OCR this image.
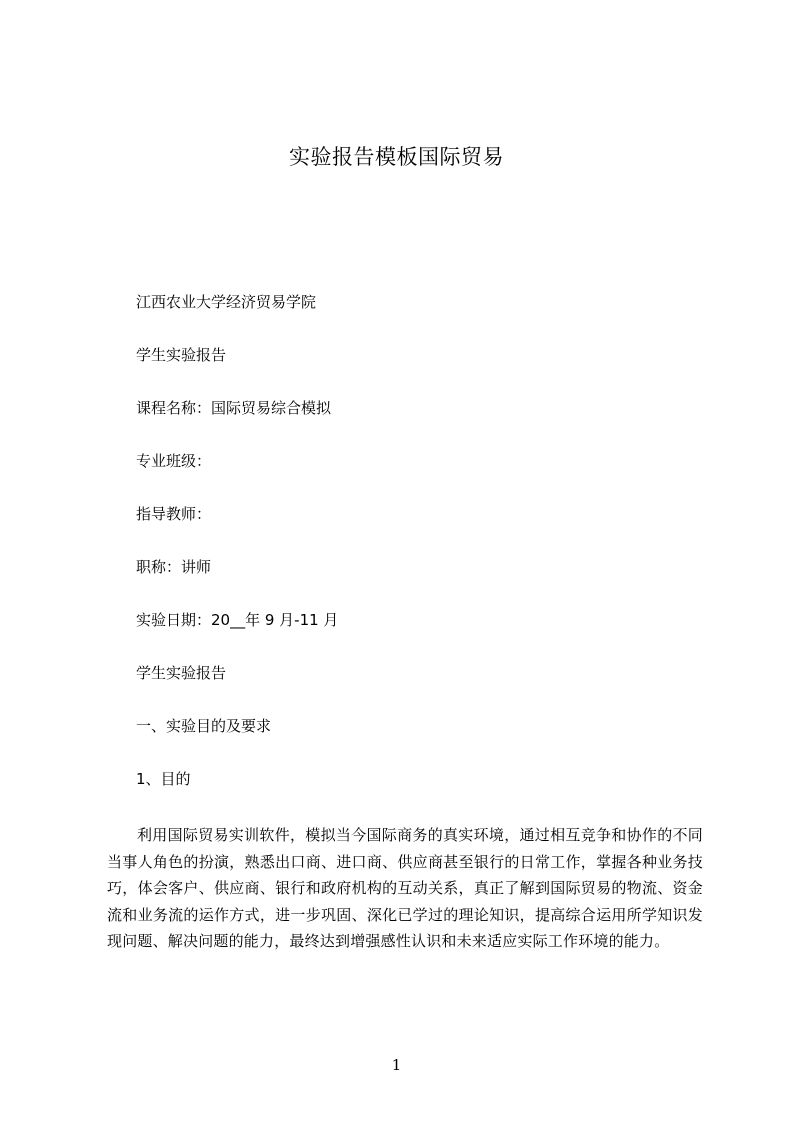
实验报告模板国际贸易
江西农业大学经济贸易学院
学生实验报告
课程名称：国际贸易综合模拟
专业班级：
指导教师：
职称：讲师
实验日期：20__年 9 月-11 月
学生实验报告
一、实验目的及要求
1、目的
利用国际贸易实训软件，模拟当今国际商务的真实环境，通过相互竞争和协作的不同当事人角色的扮演，熟悉出口商、进口商、供应商甚至银行的日常工作，掌握各种业务技巧，体会客户、供应商、银行和政府机构的互动关系，真正了解到国际贸易的物流、资金流和业务流的运作方式，进一步巩固、深化已学过的理论知识，提高综合运用所学知识发现问题、解决问题的能力，最终达到增强感性认识和未来适应实际工作环境的能力。
1
